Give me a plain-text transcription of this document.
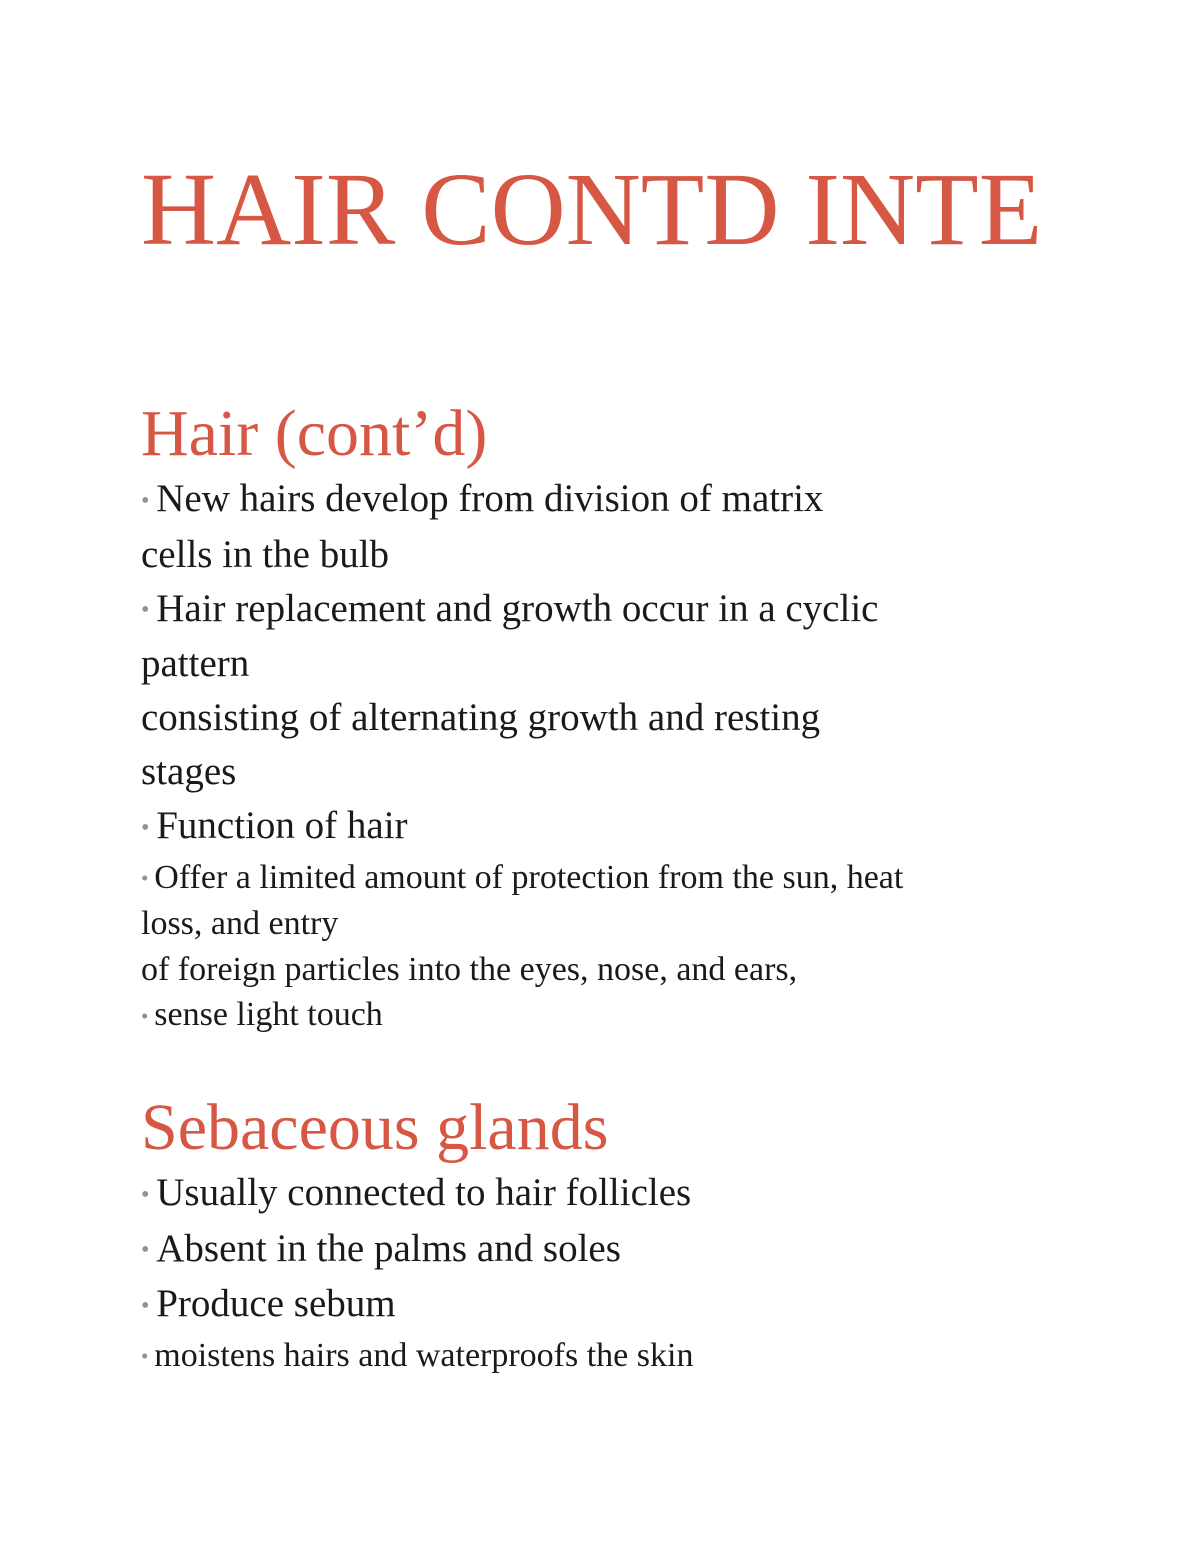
HAIR CONTD INTE
Hair (cont’d)

• New hairs develop from division of matrix

cells in the bulb

• Hair replacement and growth occur in a cyclic

pattern

consisting of alternating growth and resting

stages

• Function of hair

• Offer a limited amount of protection from the sun, heat

loss, and entry

of foreign particles into the eyes, nose, and ears,

• sense light touch

Sebaceous glands

• Usually connected to hair follicles

• Absent in the palms and soles

• Produce sebum

• moistens hairs and waterproofs the skin
